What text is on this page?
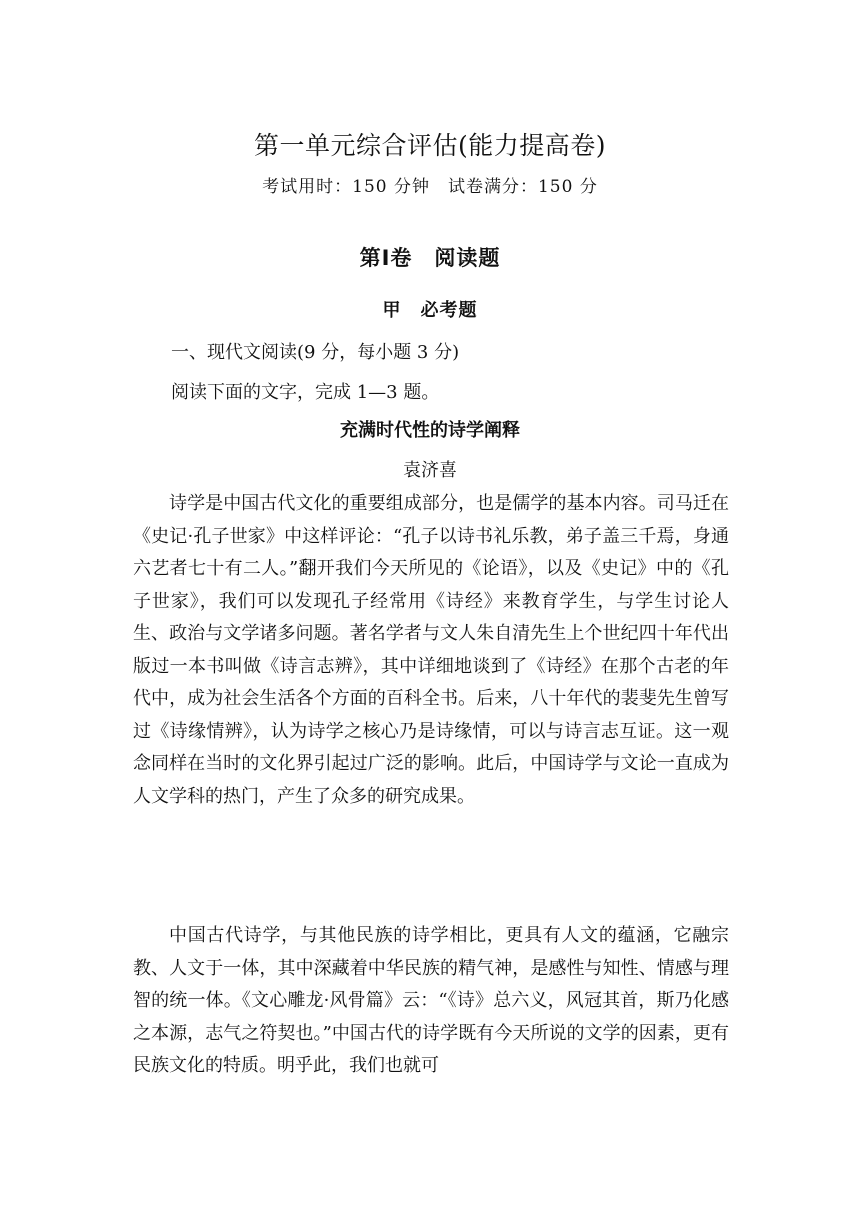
第一单元综合评估(能力提高卷)
考试用时：150 分钟　试卷满分：150 分
第Ⅰ卷　阅读题
甲　必考题
一、现代文阅读(9 分，每小题 3 分)
阅读下面的文字，完成 1—3 题。
充满时代性的诗学阐释
袁济喜

诗学是中国古代文化的重要组成部分，也是儒学的基本内容。司马迁在《史记·孔子世家》中这样评论：“孔子以诗书礼乐教，弟子盖三千焉，身通六艺者七十有二人。”翻开我们今天所见的《论语》，以及《史记》中的《孔子世家》，我们可以发现孔子经常用《诗经》来教育学生，与学生讨论人生、政治与文学诸多问题。著名学者与文人朱自清先生上个世纪四十年代出版过一本书叫做《诗言志辨》，其中详细地谈到了《诗经》在那个古老的年代中，成为社会生活各个方面的百科全书。后来，八十年代的裴斐先生曾写过《诗缘情辨》，认为诗学之核心乃是诗缘情，可以与诗言志互证。这一观念同样在当时的文化界引起过广泛的影响。此后，中国诗学与文论一直成为人文学科的热门，产生了众多的研究成果。

中国古代诗学，与其他民族的诗学相比，更具有人文的蕴涵，它融宗教、人文于一体，其中深藏着中华民族的精气神，是感性与知性、情感与理智的统一体。《文心雕龙·风骨篇》云：“《诗》总六义，风冠其首，斯乃化感之本源，志气之符契也。”中国古代的诗学既有今天所说的文学的因素，更有民族文化的特质。明乎此，我们也就可
